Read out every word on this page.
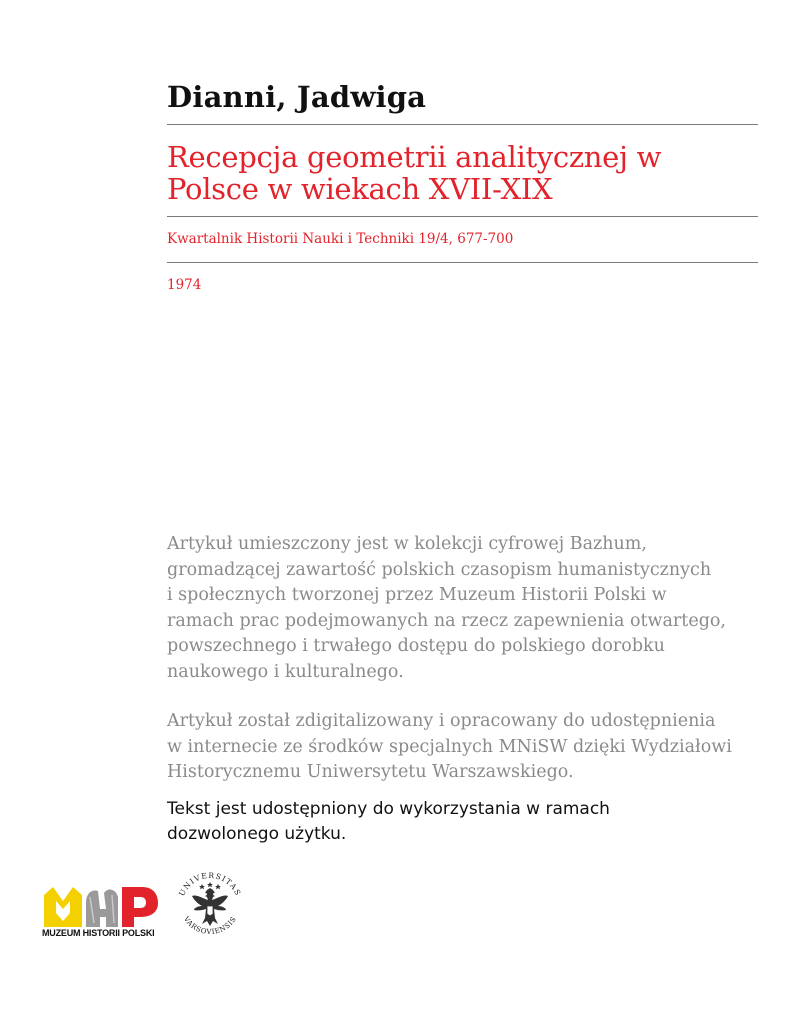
Dianni, Jadwiga
Recepcja geometrii analitycznej w
Polsce w wiekach XVII-XIX
Kwartalnik Historii Nauki i Techniki 19/4, 677-700
1974
Artykuł umieszczony jest w kolekcji cyfrowej Bazhum,
gromadzącej zawartość polskich czasopism humanistycznych
i społecznych tworzonej przez Muzeum Historii Polski w
ramach prac podejmowanych na rzecz zapewnienia otwartego,
powszechnego i trwałego dostępu do polskiego dorobku
naukowego i kulturalnego.
Artykuł został zdigitalizowany i opracowany do udostępnienia
w internecie ze środków specjalnych MNiSW dzięki Wydziałowi
Historycznemu Uniwersytetu Warszawskiego.
Tekst jest udostępniony do wykorzystania w ramach
dozwolonego użytku.
MUZEUM HISTORII POLSKI
UNIVERSITAS
VARSOVIENSIS
